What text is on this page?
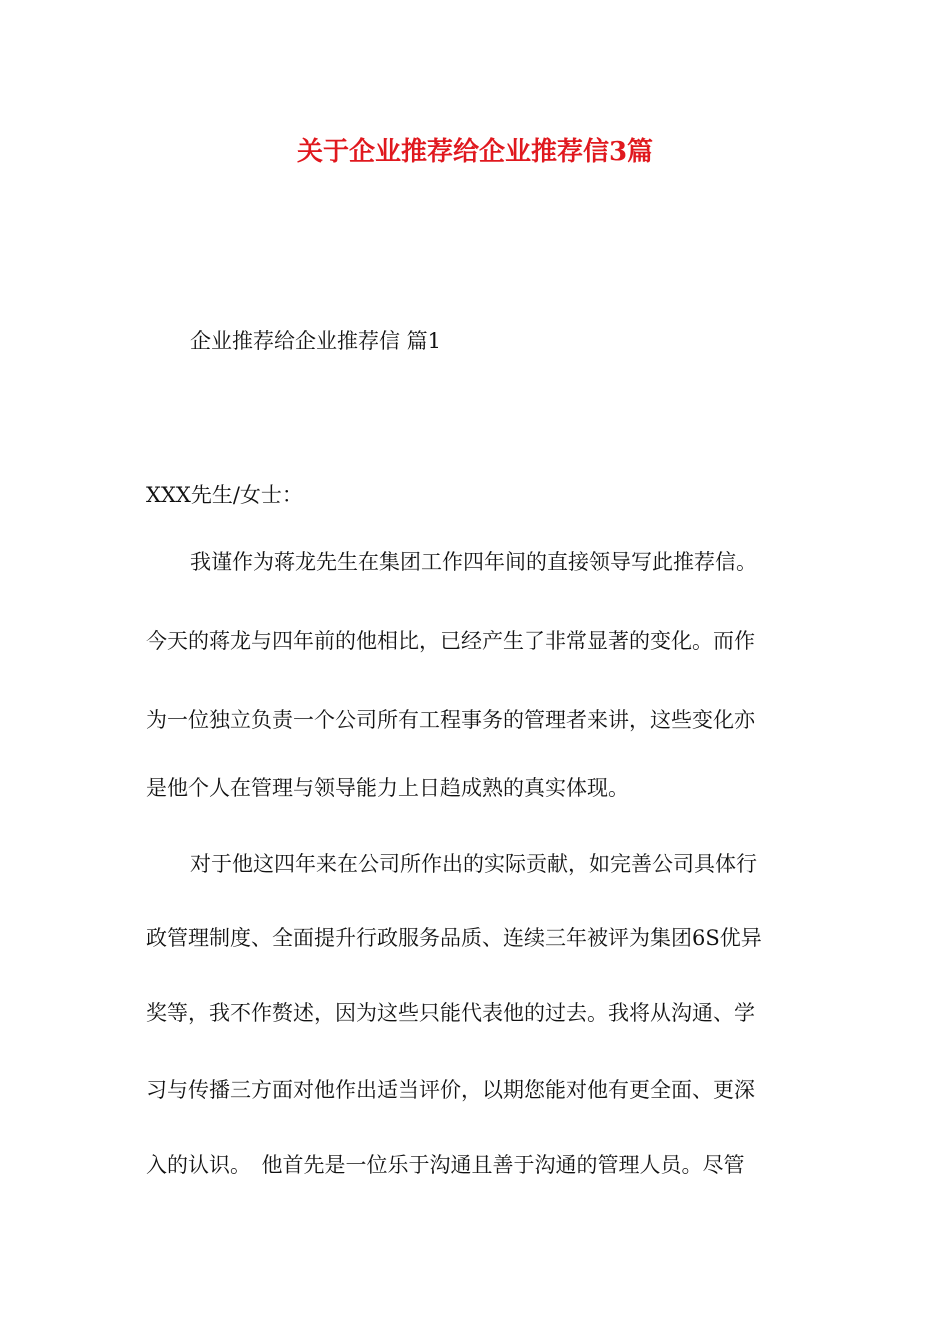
关于企业推荐给企业推荐信3篇
企业推荐给企业推荐信 篇1
XXX先生/女士：
我谨作为蒋龙先生在集团工作四年间的直接领导写此推荐信。
今天的蒋龙与四年前的他相比，已经产生了非常显著的变化。而作
为一位独立负责一个公司所有工程事务的管理者来讲，这些变化亦
是他个人在管理与领导能力上日趋成熟的真实体现。
对于他这四年来在公司所作出的实际贡献，如完善公司具体行
政管理制度、全面提升行政服务品质、连续三年被评为集团6S优异
奖等，我不作赘述，因为这些只能代表他的过去。我将从沟通、学
习与传播三方面对他作出适当评价，以期您能对他有更全面、更深
入的认识。　他首先是一位乐于沟通且善于沟通的管理人员。尽管
